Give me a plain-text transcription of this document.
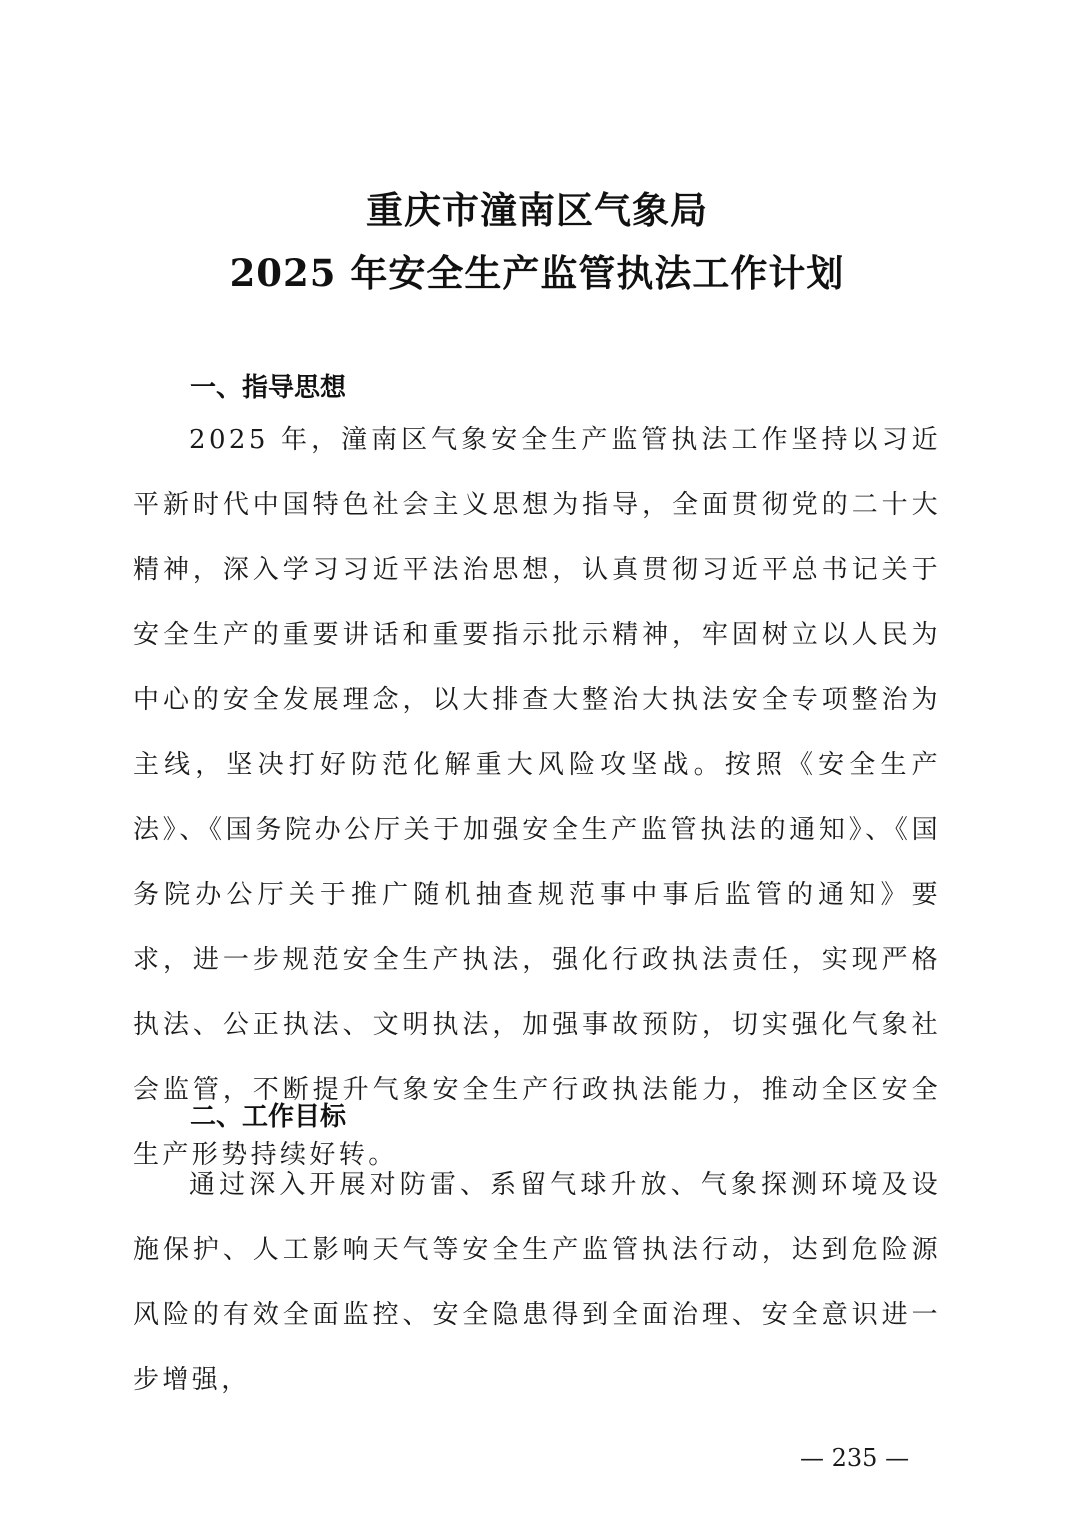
重庆市潼南区气象局
2025 年安全生产监管执法工作计划
一、指导思想

2025 年，潼南区气象安全生产监管执法工作坚持以习近平新时代中国特色社会主义思想为指导，全面贯彻党的二十大精神，深入学习习近平法治思想，认真贯彻习近平总书记关于安全生产的重要讲话和重要指示批示精神，牢固树立以人民为中心的安全发展理念，以大排查大整治大执法安全专项整治为主线，坚决打好防范化解重大风险攻坚战。按照《安全生产法》、《国务院办公厅关于加强安全生产监管执法的通知》、《国务院办公厅关于推广随机抽查规范事中事后监管的通知》要求，进一步规范安全生产执法，强化行政执法责任，实现严格执法、公正执法、文明执法，加强事故预防，切实强化气象社会监管，不断提升气象安全生产行政执法能力，推动全区安全生产形势持续好转。

二、工作目标

通过深入开展对防雷、系留气球升放、气象探测环境及设施保护、人工影响天气等安全生产监管执法行动，达到危险源风险的有效全面监控、安全隐患得到全面治理、安全意识进一步增强，

— 235 —
